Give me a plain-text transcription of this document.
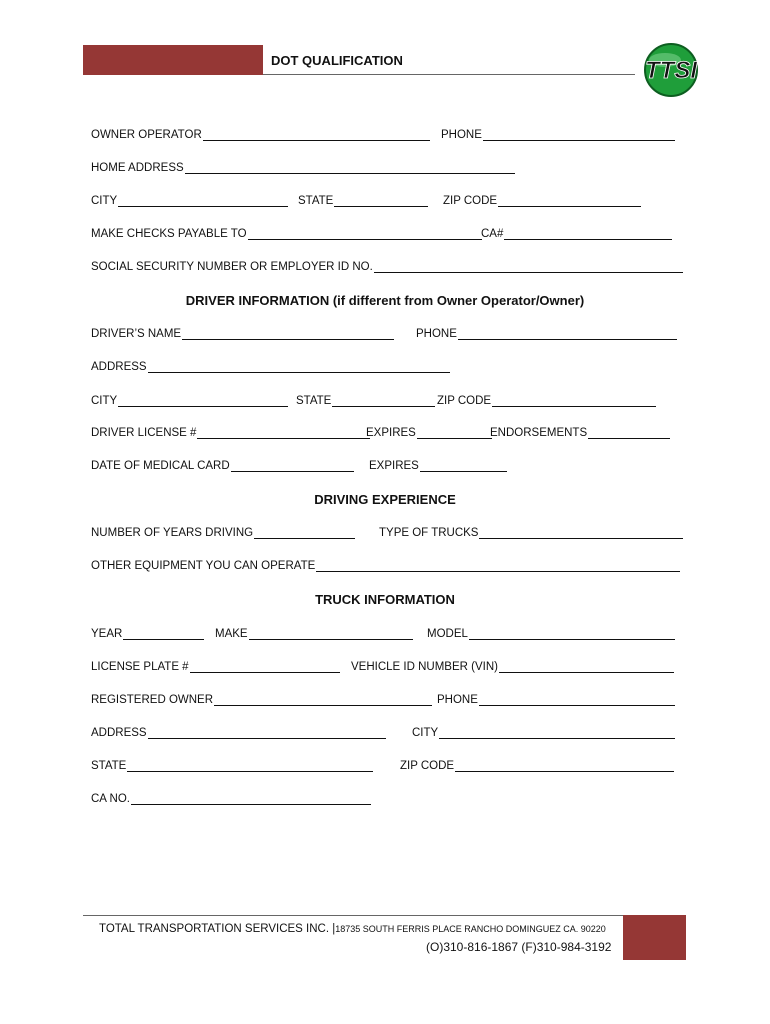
DOT QUALIFICATION	TTSI
OWNER OPERATOR	PHONE
HOME ADDRESS
CITY	STATE	ZIP CODE
MAKE CHECKS PAYABLE TO	CA#
SOCIAL SECURITY NUMBER OR EMPLOYER ID NO.
DRIVER INFORMATION (if different from Owner Operator/Owner)
DRIVER’S NAME	PHONE
ADDRESS
CITY	STATE	ZIP CODE
DRIVER LICENSE #	EXPIRES	ENDORSEMENTS
DATE OF MEDICAL CARD	EXPIRES
DRIVING EXPERIENCE
NUMBER OF YEARS DRIVING	TYPE OF TRUCKS
OTHER EQUIPMENT YOU CAN OPERATE
TRUCK INFORMATION
YEAR	MAKE	MODEL
LICENSE PLATE #	VEHICLE ID NUMBER (VIN)
REGISTERED OWNER	PHONE
ADDRESS	CITY
STATE	ZIP CODE
CA NO.
TOTAL TRANSPORTATION SERVICES INC. |18735 SOUTH FERRIS PLACE RANCHO DOMINGUEZ CA. 90220
(O)310-816-1867 (F)310-984-3192
